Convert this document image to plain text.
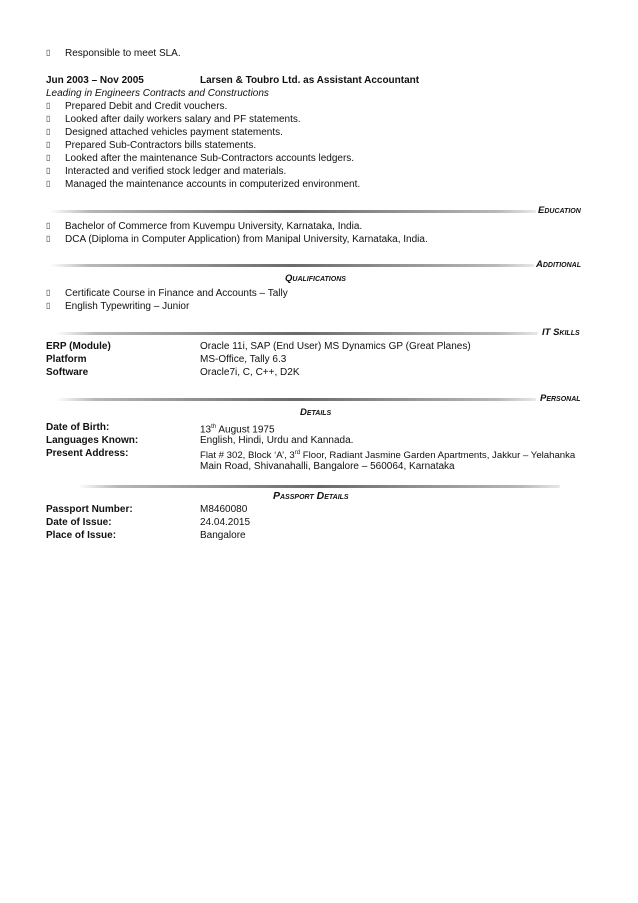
▯	Responsible to meet SLA.
Jun 2003 – Nov 2005	Larsen & Toubro Ltd. as Assistant Accountant
Leading in Engineers Contracts and Constructions
▯	Prepared Debit and Credit vouchers.
▯	Looked after daily workers salary and PF statements.
▯	Designed attached vehicles payment statements.
▯	Prepared Sub-Contractors bills statements.
▯	Looked after the maintenance Sub-Contractors accounts ledgers.
▯	Interacted and verified stock ledger and materials.
▯	Managed the maintenance accounts in computerized environment.
Education
▯	Bachelor of Commerce from Kuvempu University, Karnataka, India.
▯	DCA (Diploma in Computer Application) from Manipal University, Karnataka, India.
Additional
Qualifications
▯	Certificate Course in Finance and Accounts – Tally
▯	English Typewriting – Junior
IT Skills
ERP (Module)	Oracle 11i, SAP (End User) MS Dynamics GP (Great Planes)
Platform	MS-Office, Tally 6.3
Software	Oracle7i, C, C++, D2K
Personal
Details
Date of Birth:	13th August 1975
Languages Known:	English, Hindi, Urdu and Kannada.
Present Address:	Flat # 302, Block ‘A’, 3rd Floor, Radiant Jasmine Garden Apartments, Jakkur – Yelahanka
Main Road, Shivanahalli, Bangalore – 560064, Karnataka
Passport Details
Passport Number:	M8460080
Date of Issue:	24.04.2015
Place of Issue:	Bangalore
